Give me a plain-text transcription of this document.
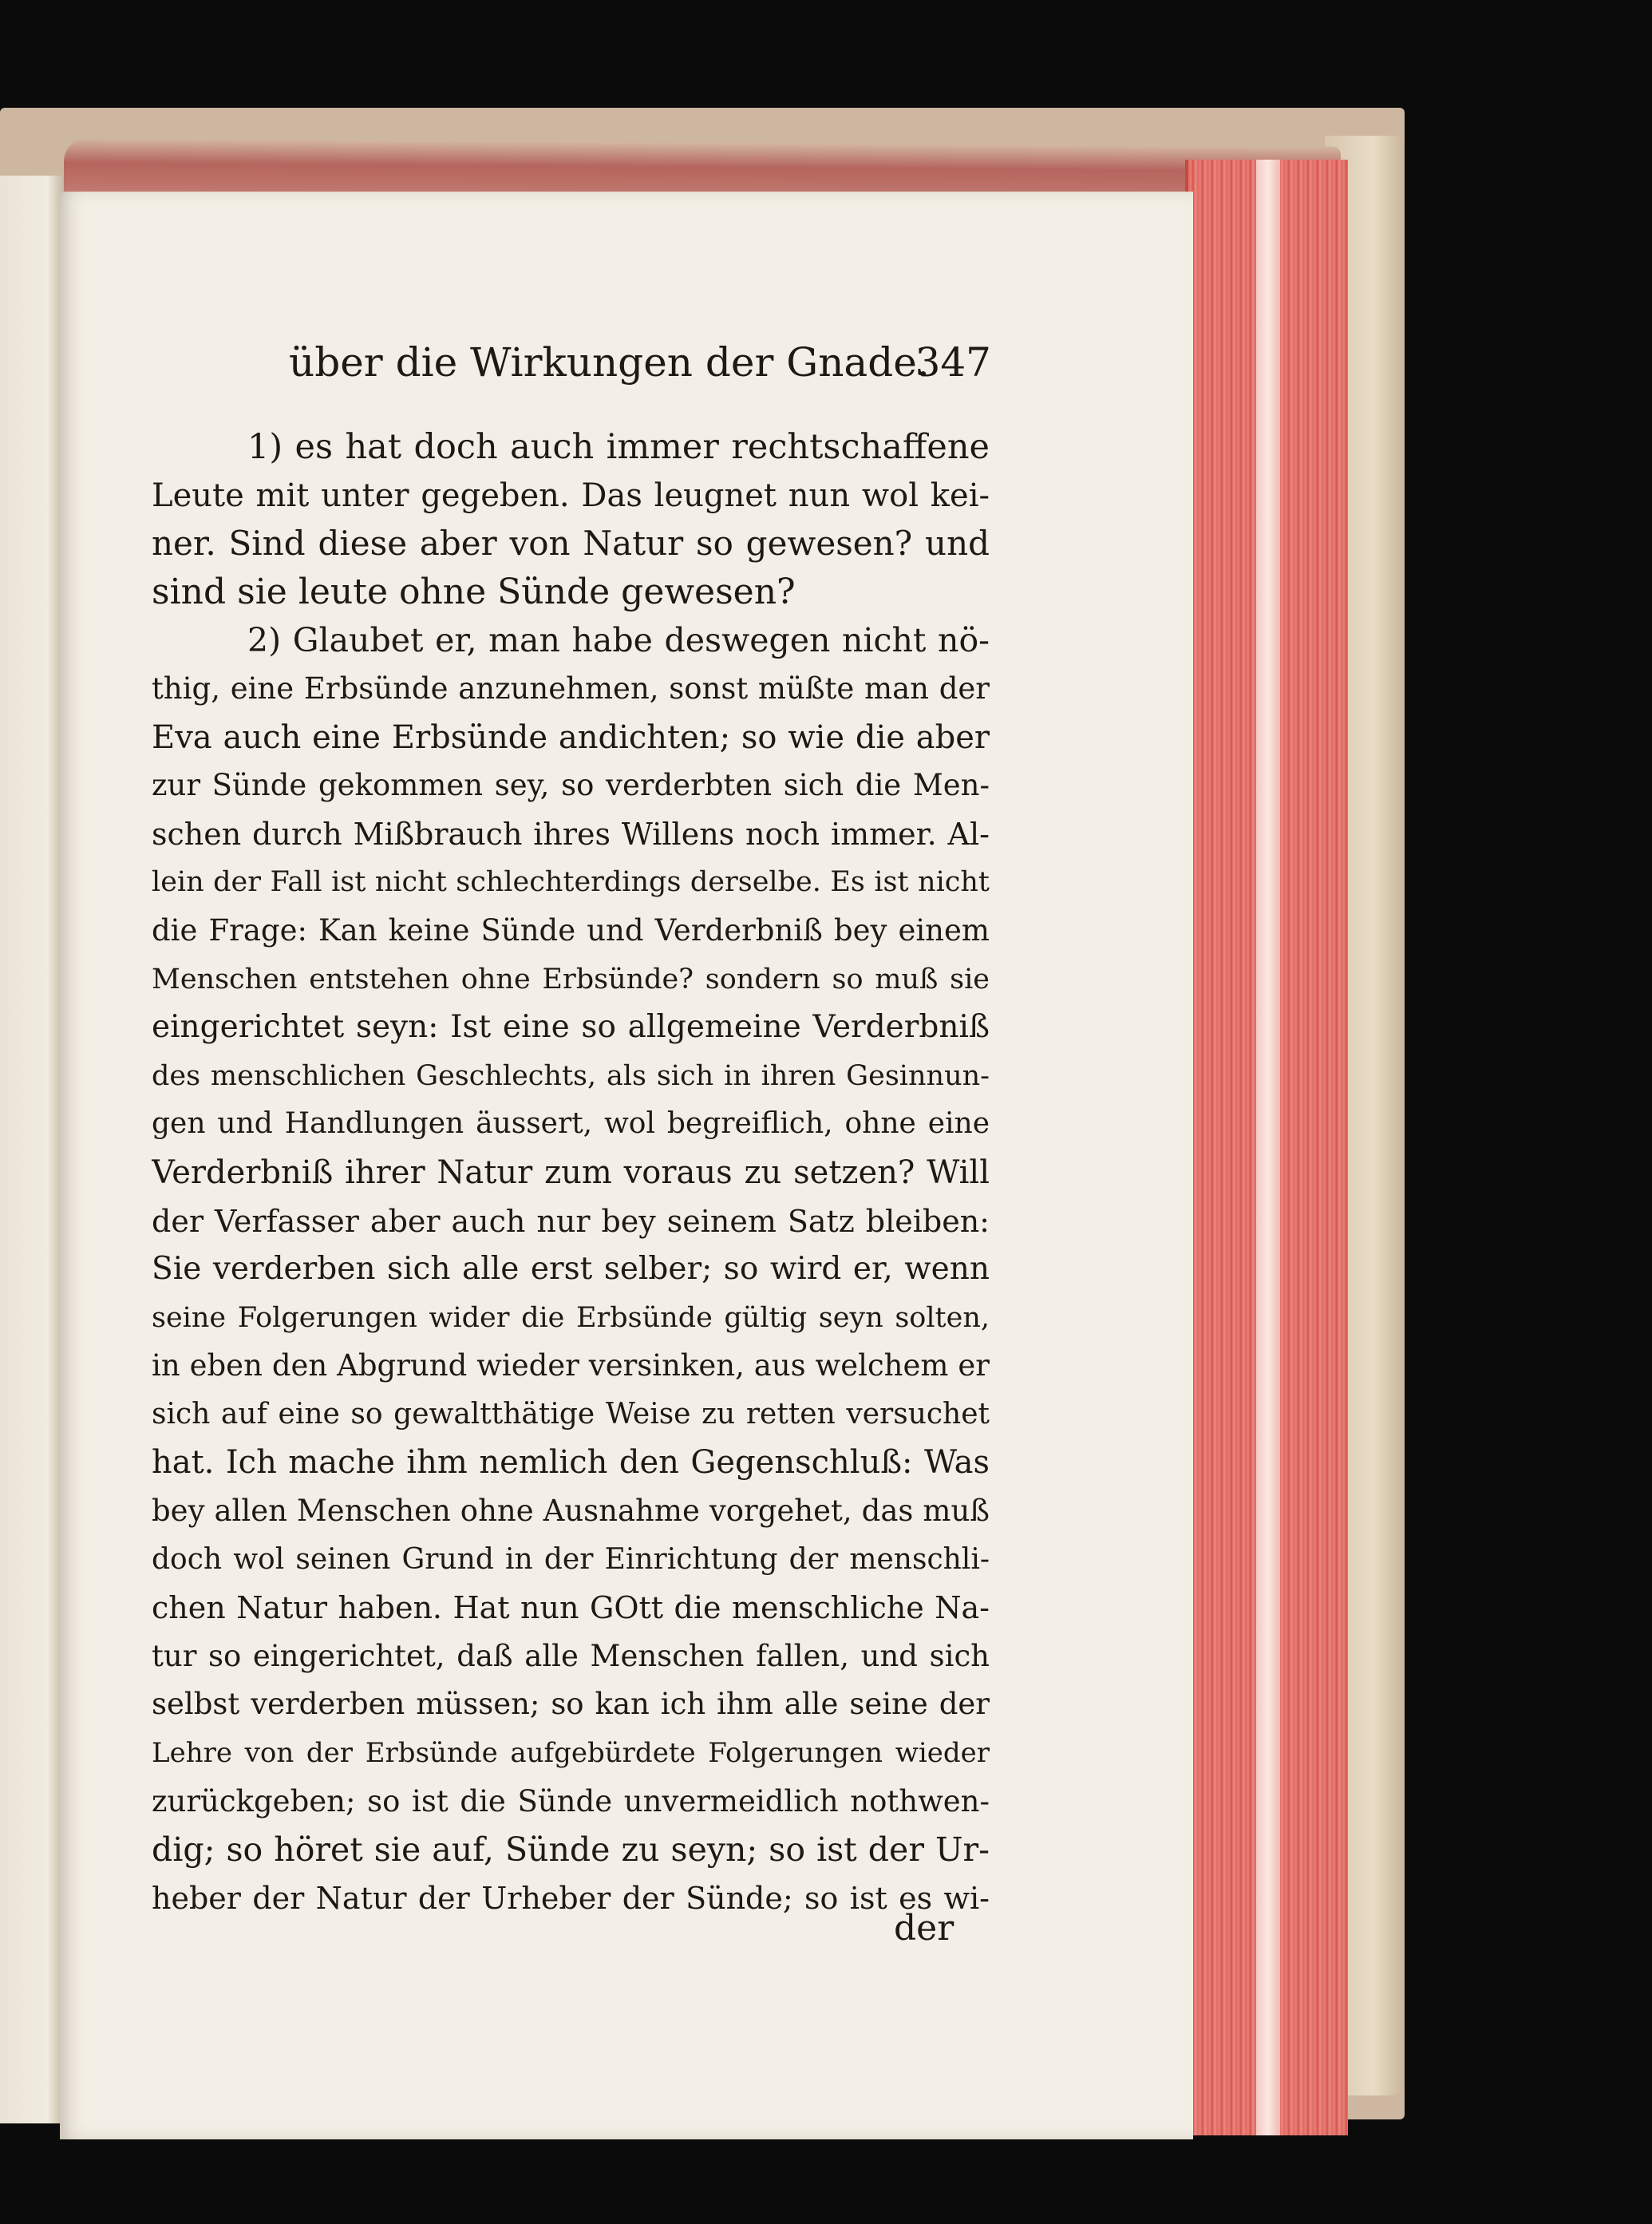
über die Wirkungen der Gnade.
347
1) es hat doch auch immer rechtschaffene
Leute mit unter gegeben. Das leugnet nun wol kei-
ner. Sind diese aber von Natur so gewesen? und
sind sie leute ohne Sünde gewesen?
2) Glaubet er, man habe deswegen nicht nö-
thig, eine Erbsünde anzunehmen, sonst müßte man der
Eva auch eine Erbsünde andichten; so wie die aber
zur Sünde gekommen sey, so verderbten sich die Men-
schen durch Mißbrauch ihres Willens noch immer. Al-
lein der Fall ist nicht schlechterdings derselbe. Es ist nicht
die Frage: Kan keine Sünde und Verderbniß bey einem
Menschen entstehen ohne Erbsünde? sondern so muß sie
eingerichtet seyn: Ist eine so allgemeine Verderbniß
des menschlichen Geschlechts, als sich in ihren Gesinnun-
gen und Handlungen äussert, wol begreiflich, ohne eine
Verderbniß ihrer Natur zum voraus zu setzen? Will
der Verfasser aber auch nur bey seinem Satz bleiben:
Sie verderben sich alle erst selber; so wird er, wenn
seine Folgerungen wider die Erbsünde gültig seyn solten,
in eben den Abgrund wieder versinken, aus welchem er
sich auf eine so gewaltthätige Weise zu retten versuchet
hat. Ich mache ihm nemlich den Gegenschluß: Was
bey allen Menschen ohne Ausnahme vorgehet, das muß
doch wol seinen Grund in der Einrichtung der menschli-
chen Natur haben. Hat nun GOtt die menschliche Na-
tur so eingerichtet, daß alle Menschen fallen, und sich
selbst verderben müssen; so kan ich ihm alle seine der
Lehre von der Erbsünde aufgebürdete Folgerungen wieder
zurückgeben; so ist die Sünde unvermeidlich nothwen-
dig; so höret sie auf, Sünde zu seyn; so ist der Ur-
heber der Natur der Urheber der Sünde; so ist es wi-
der
